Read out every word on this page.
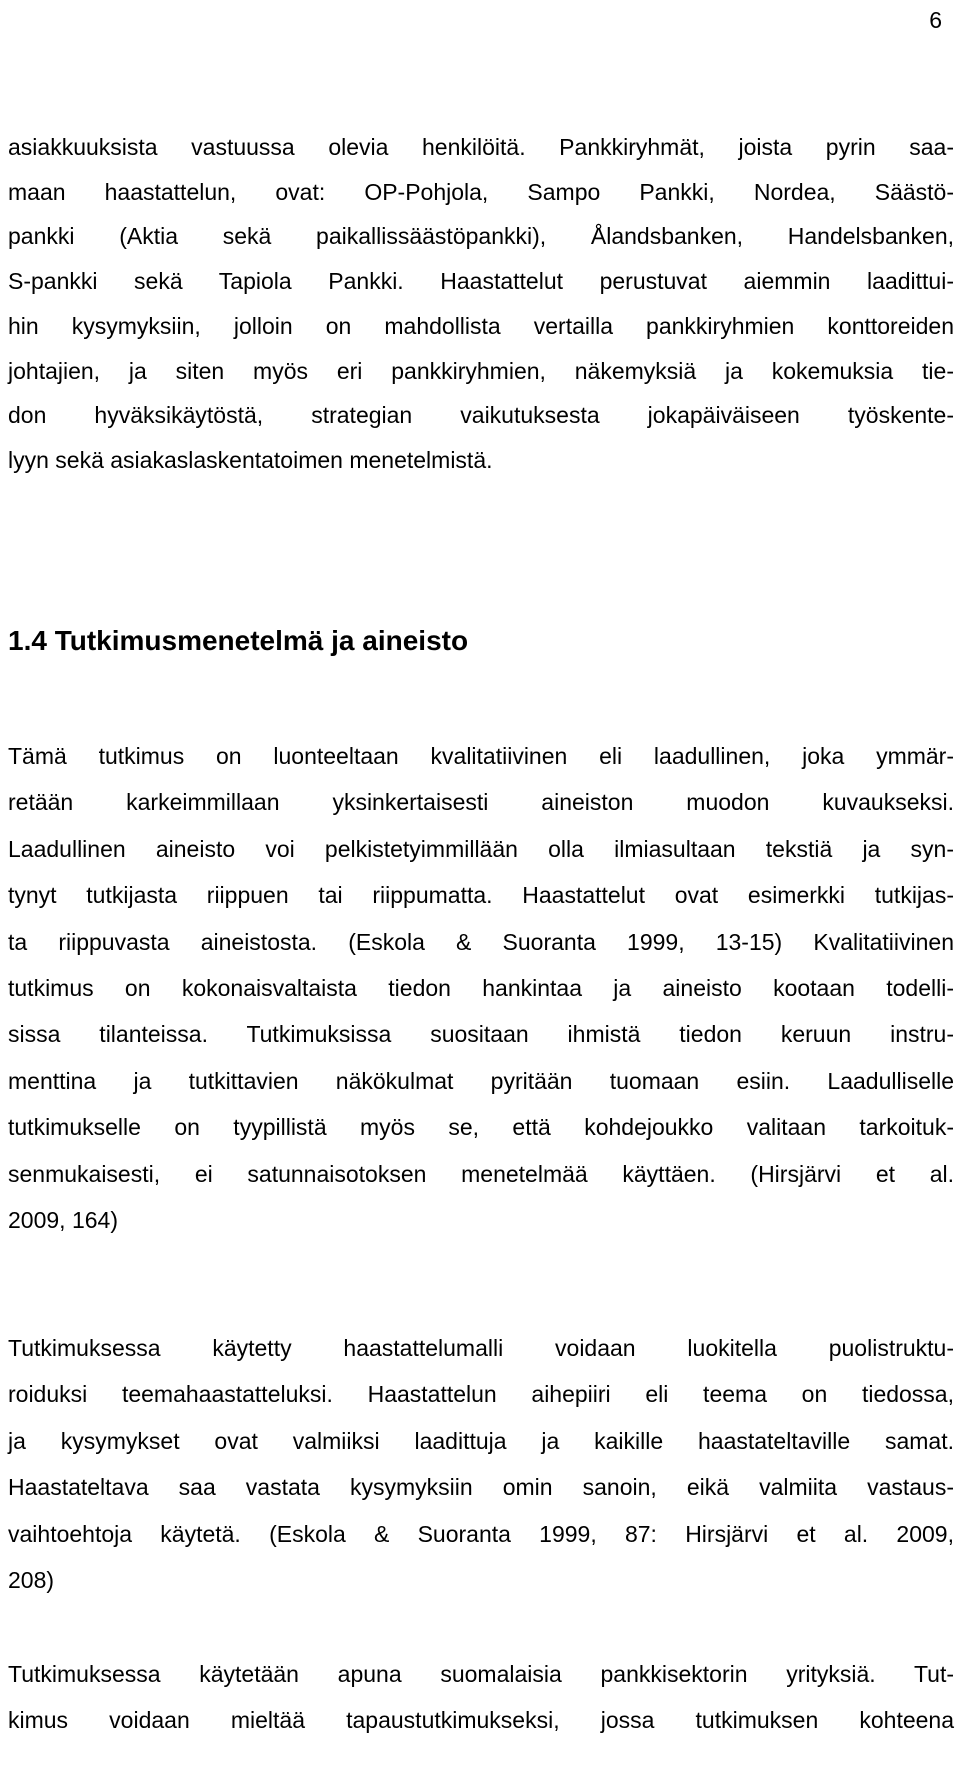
6

asiakkuuksista vastuussa olevia henkilöitä. Pankkiryhmät, joista pyrin saa-
maan haastattelun, ovat: OP-Pohjola, Sampo Pankki, Nordea, Säästö-
pankki (Aktia sekä paikallissäästöpankki), Ålandsbanken, Handelsbanken,
S-pankki sekä Tapiola Pankki. Haastattelut perustuvat aiemmin laadittui-
hin kysymyksiin, jolloin on mahdollista vertailla pankkiryhmien konttoreiden
johtajien, ja siten myös eri pankkiryhmien, näkemyksiä ja kokemuksia tie-
don hyväksikäytöstä, strategian vaikutuksesta jokapäiväiseen työskente-
lyyn sekä asiakaslaskentatoimen menetelmistä.

1.4 Tutkimusmenetelmä ja aineisto

Tämä tutkimus on luonteeltaan kvalitatiivinen eli laadullinen, joka ymmär-
retään karkeimmillaan yksinkertaisesti aineiston muodon kuvaukseksi.
Laadullinen aineisto voi pelkistetyimmillään olla ilmiasultaan tekstiä ja syn-
tynyt tutkijasta riippuen tai riippumatta. Haastattelut ovat esimerkki tutkijas-
ta riippuvasta aineistosta. (Eskola & Suoranta 1999, 13-15) Kvalitatiivinen
tutkimus on kokonaisvaltaista tiedon hankintaa ja aineisto kootaan todelli-
sissa tilanteissa. Tutkimuksissa suositaan ihmistä tiedon keruun instru-
menttina ja tutkittavien näkökulmat pyritään tuomaan esiin. Laadulliselle
tutkimukselle on tyypillistä myös se, että kohdejoukko valitaan tarkoituk-
senmukaisesti, ei satunnaisotoksen menetelmää käyttäen. (Hirsjärvi et al.
2009, 164)

Tutkimuksessa käytetty haastattelumalli voidaan luokitella puolistruktu-
roiduksi teemahaastatteluksi. Haastattelun aihepiiri eli teema on tiedossa,
ja kysymykset ovat valmiiksi laadittuja ja kaikille haastateltaville samat.
Haastateltava saa vastata kysymyksiin omin sanoin, eikä valmiita vastaus-
vaihtoehtoja käytetä. (Eskola & Suoranta 1999, 87: Hirsjärvi et al. 2009,
208)

Tutkimuksessa käytetään apuna suomalaisia pankkisektorin yrityksiä. Tut-
kimus voidaan mieltää tapaustutkimukseksi, jossa tutkimuksen kohteena
